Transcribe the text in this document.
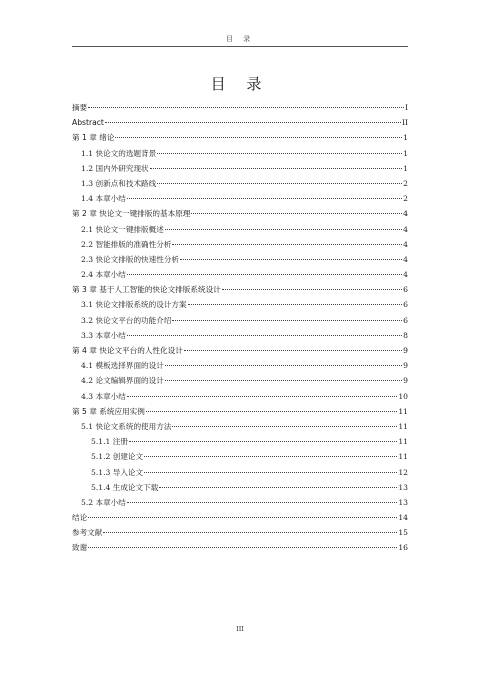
目 录
目 录
摘要	I
Abstract	II
第 1 章 绪论	1
1.1 快论文的选题背景	1
1.2 国内外研究现状	1
1.3 创新点和技术路线	2
1.4 本章小结	2
第 2 章 快论文一键排版的基本原理	4
2.1 快论文一键排版概述	4
2.2 智能排版的准确性分析	4
2.3 快论文排版的快速性分析	4
2.4 本章小结	4
第 3 章 基于人工智能的快论文排版系统设计	6
3.1 快论文排版系统的设计方案	6
3.2 快论文平台的功能介绍	6
3.3 本章小结	8
第 4 章 快论文平台的人性化设计	9
4.1 模板选择界面的设计	9
4.2 论文编辑界面的设计	9
4.3 本章小结	10
第 5 章 系统应用实例	11
5.1 快论文系统的使用方法	11
5.1.1 注册	11
5.1.2 创建论文	11
5.1.3 导入论文	12
5.1.4 生成论文下载	13
5.2 本章小结	13
结论	14
参考文献	15
致谢	16
III
